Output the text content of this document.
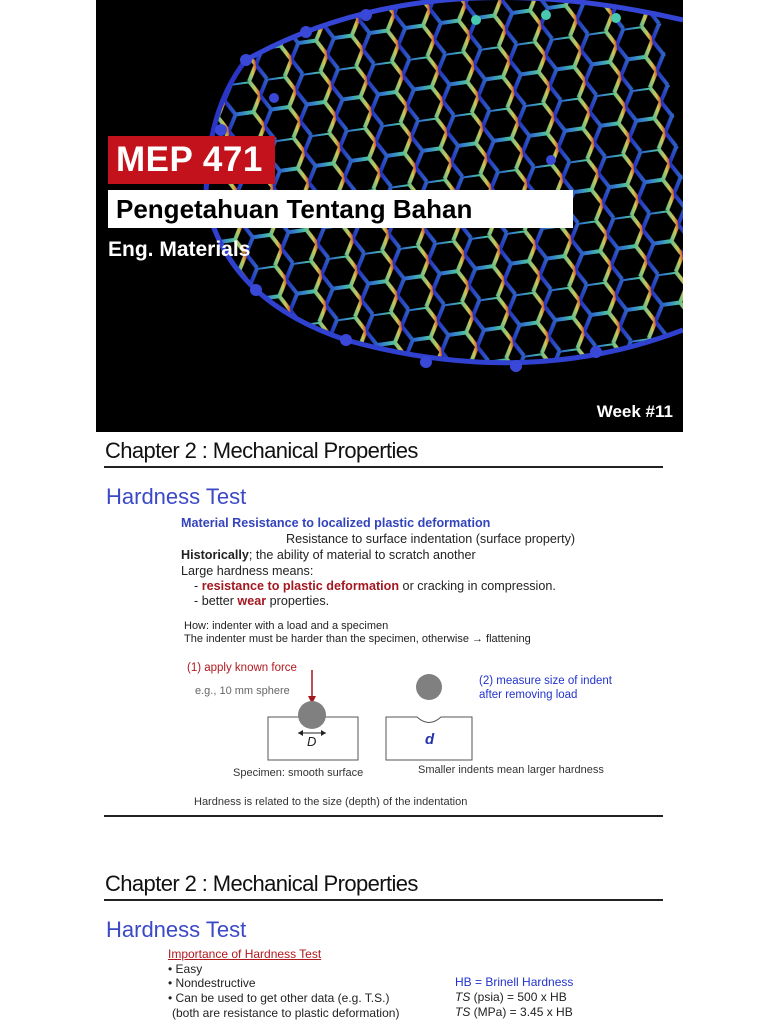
MEP 471
Pengetahuan Tentang Bahan
Eng. Materials
Week #11
Chapter 2 : Mechanical Properties
Hardness Test
Material Resistance to localized plastic deformation
Resistance to surface indentation (surface property)
Historically; the ability of material to scratch another
Large hardness means:
- resistance to plastic deformation or cracking in compression.
- better wear properties.
How: indenter with a load and a specimen
The indenter must be harder than the specimen, otherwise → flattening
(1) apply known force
e.g., 10 mm sphere
D	d
(2) measure size of indent
after removing load
Specimen: smooth surface	Smaller indents mean larger hardness
Hardness is related to the size (depth) of the indentation
Chapter 2 : Mechanical Properties
Hardness Test
Importance of Hardness Test
• Easy
• Nondestructive
• Can be used to get other data (e.g. T.S.)
(both are resistance to plastic deformation)
HB = Brinell Hardness
TS (psia) = 500 x HB
TS (MPa) = 3.45 x HB
